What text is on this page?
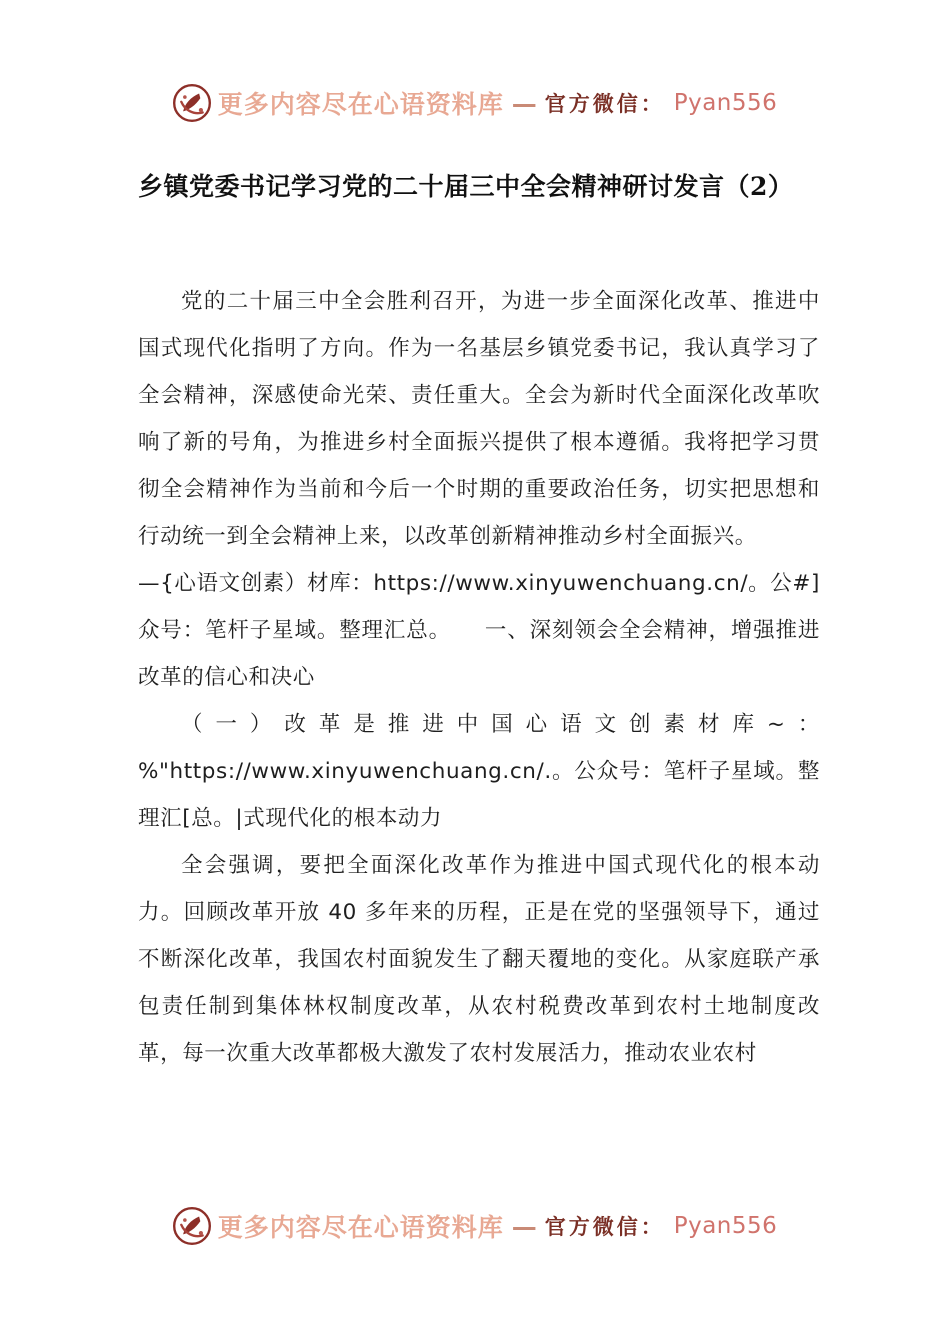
更多内容尽在心语资料库 — 官方微信： Pyan556
乡镇党委书记学习党的二十届三中全会精神研讨发言（2）

党的二十届三中全会胜利召开，为进一步全面深化改革、推进中国式现代化指明了方向。作为一名基层乡镇党委书记，我认真学习了全会精神，深感使命光荣、责任重大。全会为新时代全面深化改革吹响了新的号角，为推进乡村全面振兴提供了根本遵循。我将把学习贯彻全会精神作为当前和今后一个时期的重要政治任务，切实把思想和行动统一到全会精神上来，以改革创新精神推动乡村全面振兴。

—{心语文创素）材库：https://www.xinyuwenchuang.cn/。公#]众号：笔杆子星域。整理汇总。　　一、深刻领会全会精神，增强推进改革的信心和决心

（一）改革是推进中国心语文创素材库~：%"https://www.xinyuwenchuang.cn/.。公众号：笔杆子星域。整理汇[总。|式现代化的根本动力

全会强调，要把全面深化改革作为推进中国式现代化的根本动力。回顾改革开放 40 多年来的历程，正是在党的坚强领导下，通过不断深化改革，我国农村面貌发生了翻天覆地的变化。从家庭联产承包责任制到集体林权制度改革，从农村税费改革到农村土地制度改革，每一次重大改革都极大激发了农村发展活力，推动农业农村

更多内容尽在心语资料库 — 官方微信： Pyan556
